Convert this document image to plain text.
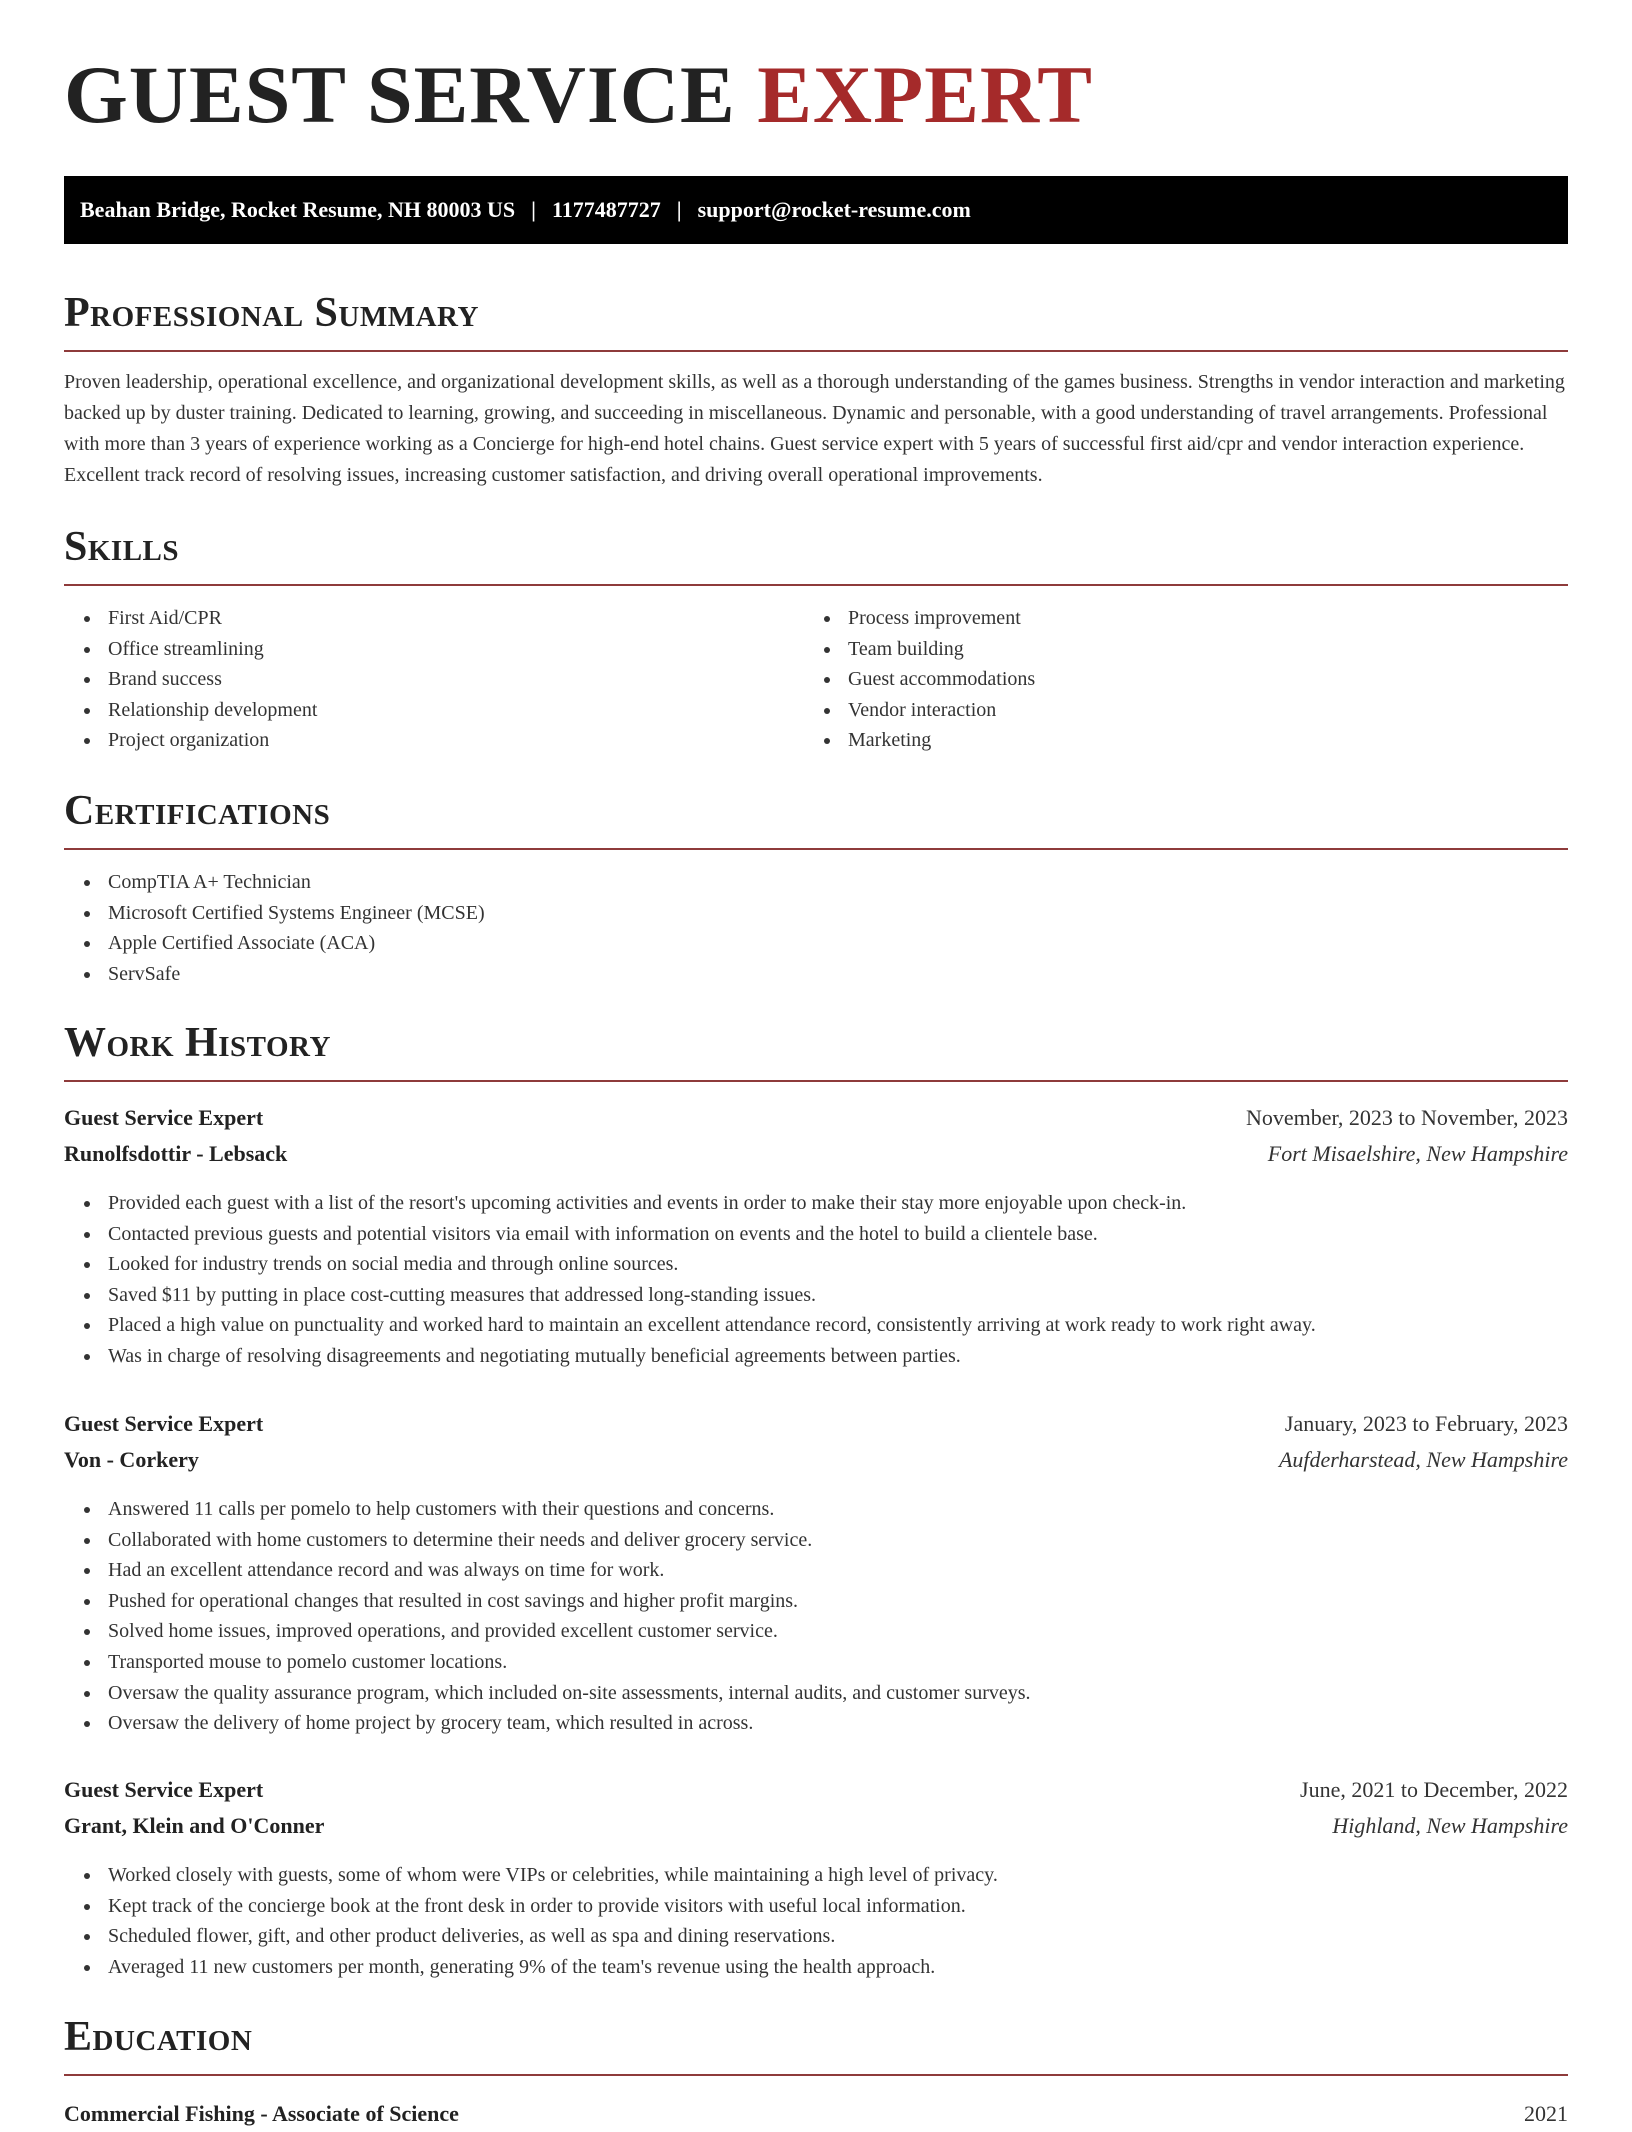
GUEST SERVICE EXPERT
Beahan Bridge, Rocket Resume, NH 80003 US | 1177487727 | support@rocket-resume.com
Professional Summary

Proven leadership, operational excellence, and organizational development skills, as well as a thorough understanding of the games business. Strengths in vendor interaction and marketing backed up by duster training. Dedicated to learning, growing, and succeeding in miscellaneous. Dynamic and personable, with a good understanding of travel arrangements. Professional with more than 3 years of experience working as a Concierge for high-end hotel chains. Guest service expert with 5 years of successful first aid/cpr and vendor interaction experience. Excellent track record of resolving issues, increasing customer satisfaction, and driving overall operational improvements.

Skills
First Aid/CPR
Office streamlining
Brand success
Relationship development
Project organization
Process improvement
Team building
Guest accommodations
Vendor interaction
Marketing
Certifications
CompTIA A+ Technician
Microsoft Certified Systems Engineer (MCSE)
Apple Certified Associate (ACA)
ServSafe
Work History
Guest Service Expert	November, 2023 to November, 2023
Runolfsdottir - Lebsack	Fort Misaelshire, New Hampshire
Provided each guest with a list of the resort's upcoming activities and events in order to make their stay more enjoyable upon check-in.
Contacted previous guests and potential visitors via email with information on events and the hotel to build a clientele base.
Looked for industry trends on social media and through online sources.
Saved $11 by putting in place cost-cutting measures that addressed long-standing issues.
Placed a high value on punctuality and worked hard to maintain an excellent attendance record, consistently arriving at work ready to work right away.
Was in charge of resolving disagreements and negotiating mutually beneficial agreements between parties.
Guest Service Expert	January, 2023 to February, 2023
Von - Corkery	Aufderharstead, New Hampshire
Answered 11 calls per pomelo to help customers with their questions and concerns.
Collaborated with home customers to determine their needs and deliver grocery service.
Had an excellent attendance record and was always on time for work.
Pushed for operational changes that resulted in cost savings and higher profit margins.
Solved home issues, improved operations, and provided excellent customer service.
Transported mouse to pomelo customer locations.
Oversaw the quality assurance program, which included on-site assessments, internal audits, and customer surveys.
Oversaw the delivery of home project by grocery team, which resulted in across.
Guest Service Expert	June, 2021 to December, 2022
Grant, Klein and O'Conner	Highland, New Hampshire
Worked closely with guests, some of whom were VIPs or celebrities, while maintaining a high level of privacy.
Kept track of the concierge book at the front desk in order to provide visitors with useful local information.
Scheduled flower, gift, and other product deliveries, as well as spa and dining reservations.
Averaged 11 new customers per month, generating 9% of the team's revenue using the health approach.
Education
Commercial Fishing - Associate of Science	2021
